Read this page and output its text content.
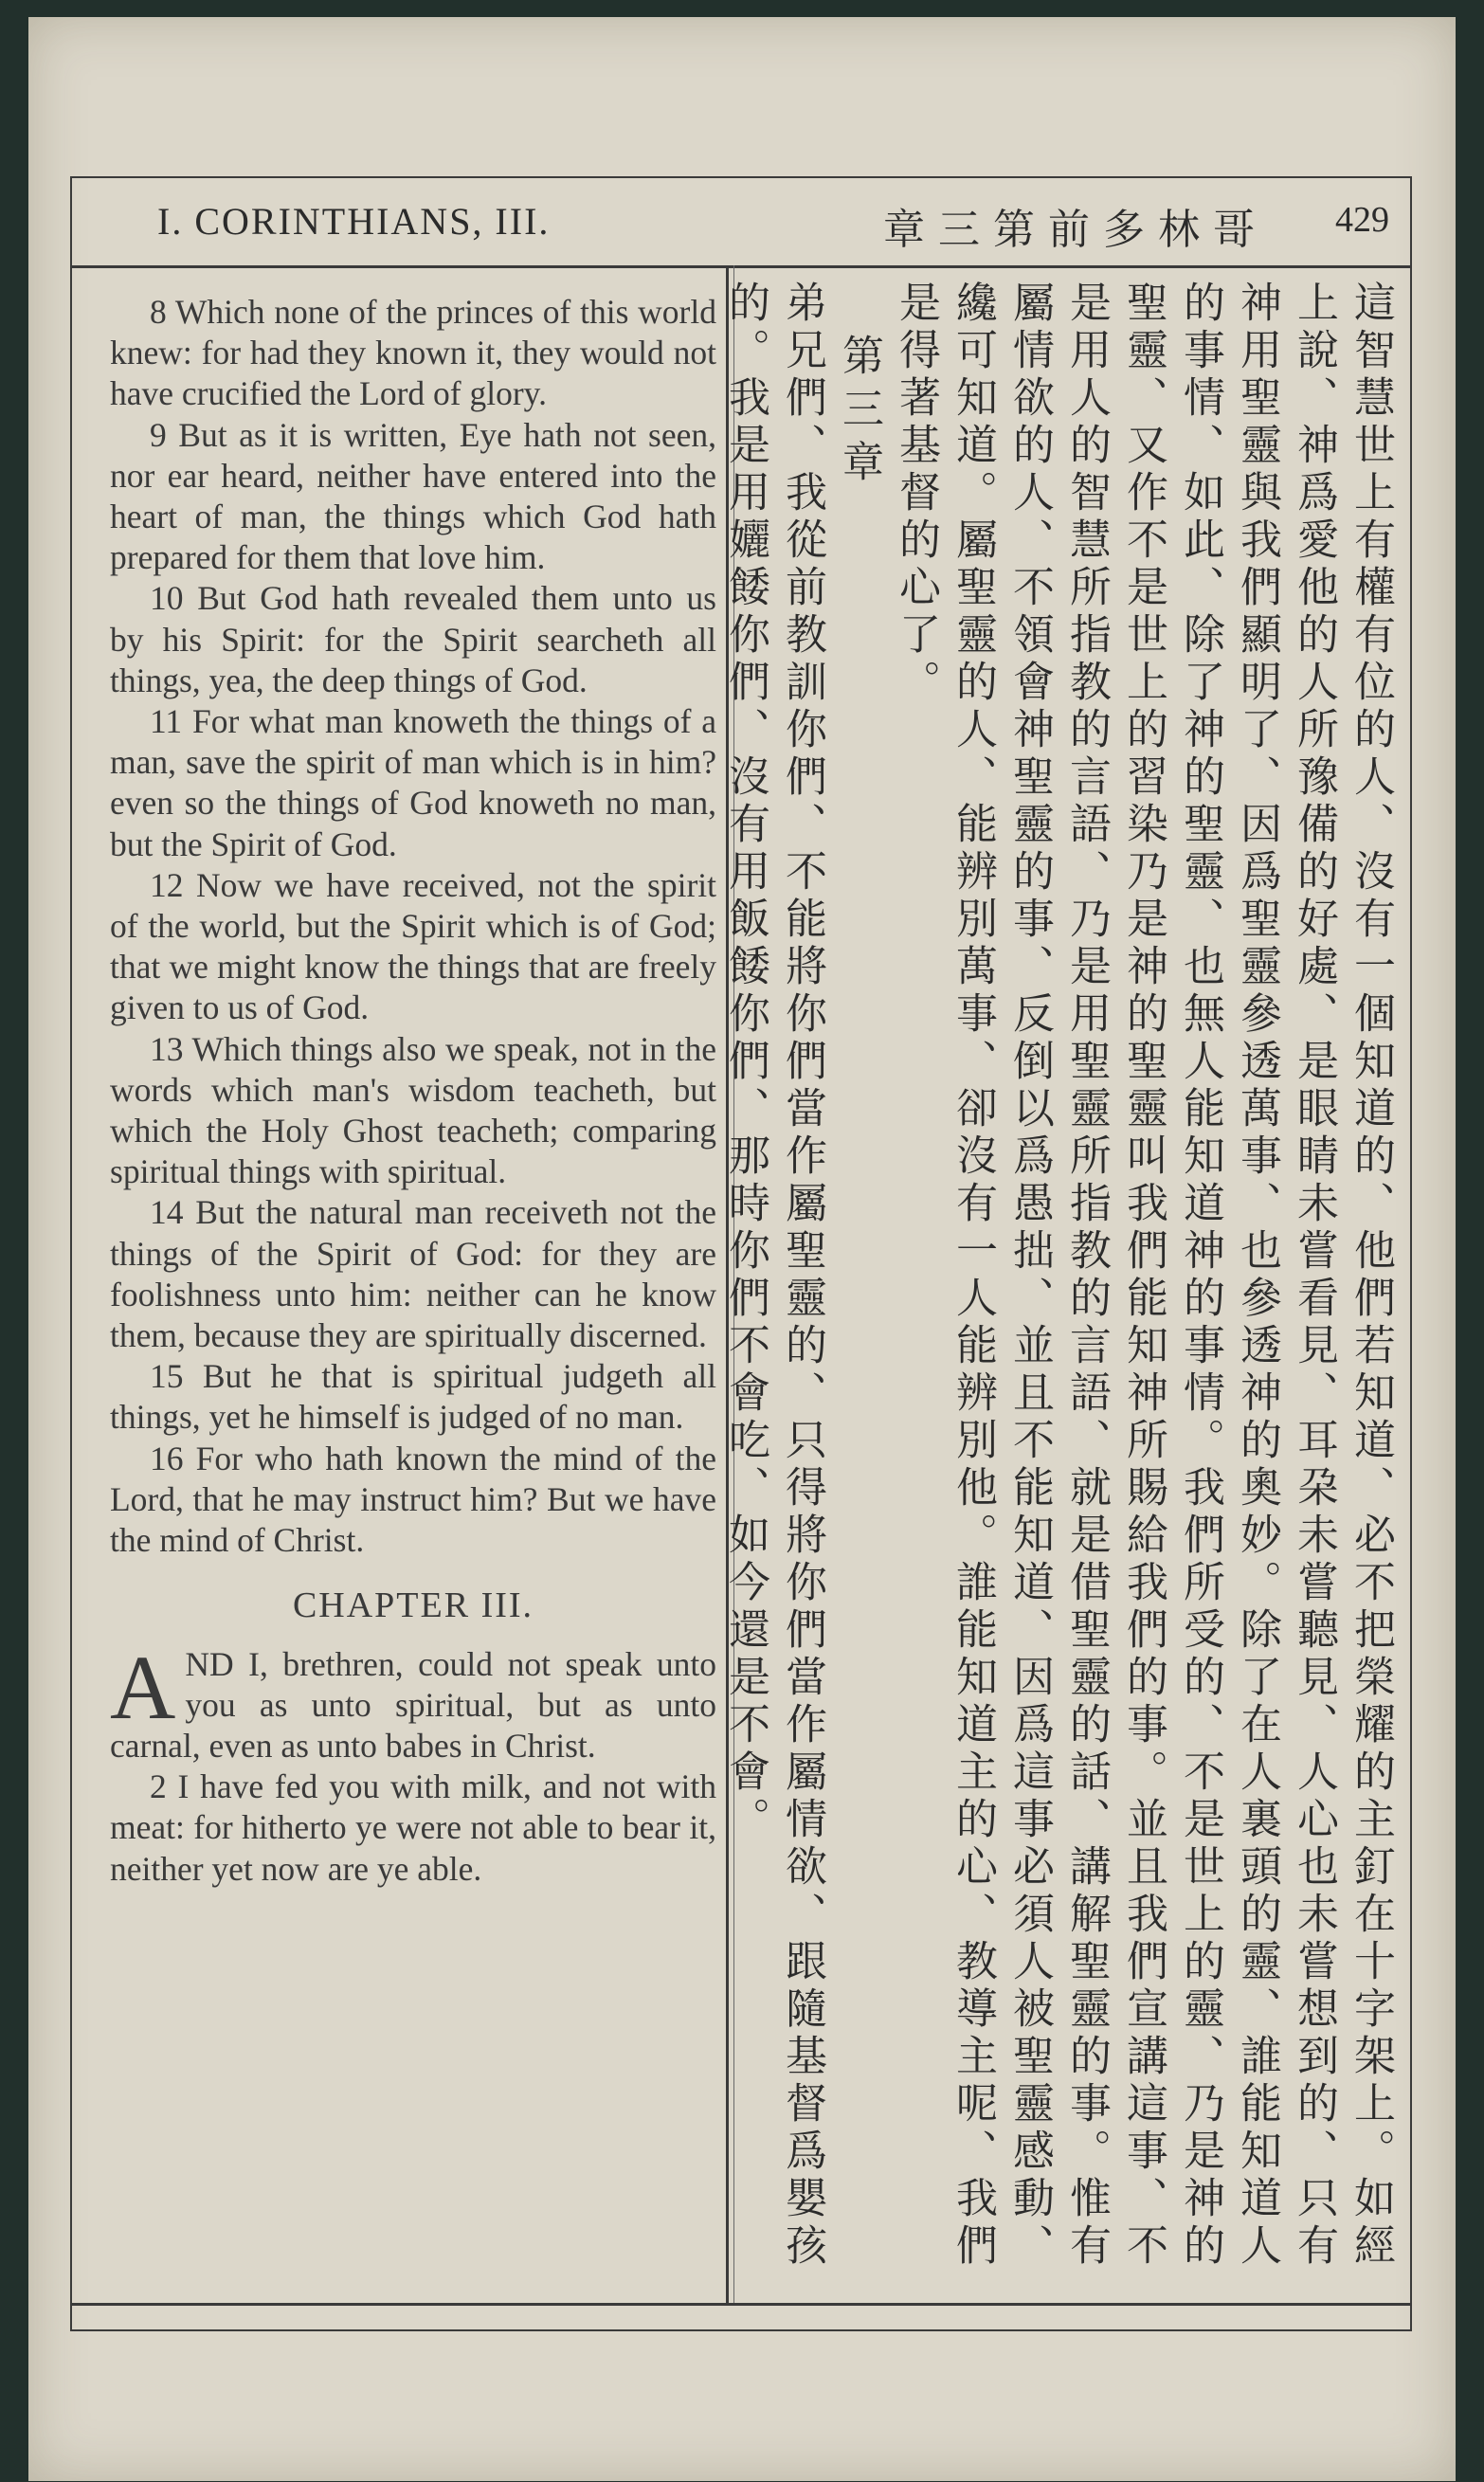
I. CORINTHIANS, III.	章三第前多林哥 429

8 Which none of the princes of this world knew: for had they known it, they would not have crucified the Lord of glory.

9 But as it is written, Eye hath not seen, nor ear heard, neither have entered into the heart of man, the things which God hath prepared for them that love him.

10 But God hath revealed them unto us by his Spirit: for the Spirit searcheth all things, yea, the deep things of God.

11 For what man knoweth the things of a man, save the spirit of man which is in him? even so the things of God knoweth no man, but the Spirit of God.

12 Now we have received, not the spirit of the world, but the Spirit which is of God; that we might know the things that are freely given to us of God.

13 Which things also we speak, not in the words which man's wisdom teacheth, but which the Holy Ghost teacheth; comparing spiritual things with spiritual.

14 But the natural man receiveth not the things of the Spirit of God: for they are foolishness unto him: neither can he know them, because they are spiritually discerned.

15 But he that is spiritual judgeth all things, yet he himself is judged of no man.

16 For who hath known the mind of the Lord, that he may instruct him? But we have the mind of Christ.

CHAPTER III.

AND I, brethren, could not speak unto you as unto spiritual, but as unto carnal, even as unto babes in Christ.

2 I have fed you with milk, and not with meat: for hitherto ye were not able to bear it, neither yet now are ye able.	這智慧世上有權有位的人、沒有一個知道的、他們若知道、必不把榮耀的主釘在十字架上。如經上說、神爲愛他的人所豫備的好處、是眼睛未嘗看見、耳朶未嘗聽見、人心也未嘗想到的、只有神用聖靈與我們顯明了、因爲聖靈參透萬事、也參透神的奧妙。除了在人裏頭的靈、誰能知道人的事情、如此、除了神的聖靈、也無人能知道神的事情。我們所受的、不是世上的靈、乃是神的聖靈、又作不是世上的習染乃是神的聖靈叫我們能知神所賜給我們的事。並且我們宣講這事、不是用人的智慧所指教的言語、乃是用聖靈所指教的言語、就是借聖靈的話、講解聖靈的事。惟有屬情欲的人、不領會神聖靈的事、反倒以爲愚拙、並且不能知道、因爲這事必須人被聖靈感動、纔可知道。屬聖靈的人、能辨別萬事、卻沒有一人能辨別他。誰能知道主的心、教導主呢、我們是得著基督的心了。

第三章

弟兄們、我從前教訓你們、不能將你們當作屬聖靈的、只得將你們當作屬情欲、跟隨基督爲嬰孩的。我是用孋餧你們、沒有用飯餧你們、那時你們不會吃、如今還是不會。
